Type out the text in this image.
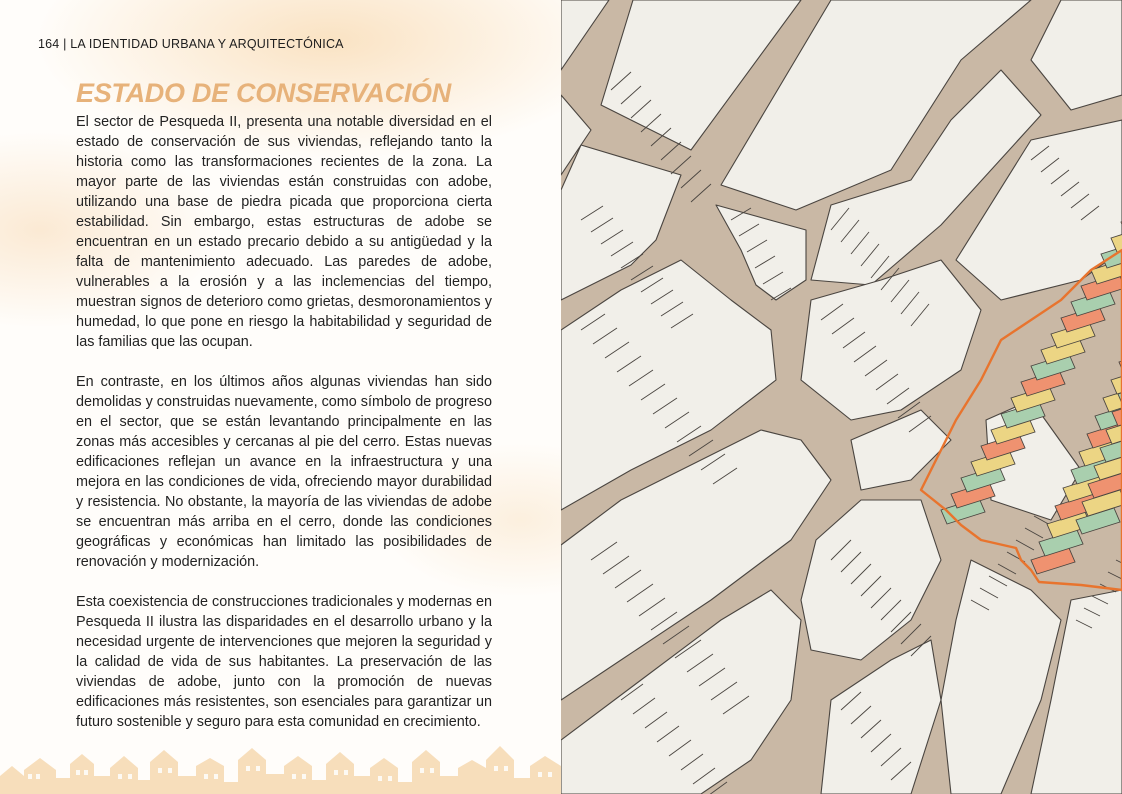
164 | LA IDENTIDAD URBANA Y ARQUITECTÓNICA
ESTADO DE CONSERVACIÓN

El sector de Pesqueda II, presenta una notable diversidad en el estado de conservación de sus viviendas, reflejando tanto la historia como las transformaciones recientes de la zona. La mayor parte de las viviendas están construidas con adobe, utilizando una base de piedra picada que proporciona cierta estabilidad. Sin embargo, estas estructuras de adobe se encuentran en un estado precario debido a su antigüedad y la falta de mantenimiento adecuado. Las paredes de adobe, vulnerables a la erosión y a las inclemencias del tiempo, muestran signos de deterioro como grietas, desmoronamientos y humedad, lo que pone en riesgo la habitabilidad y seguridad de las familias que las ocupan.

En contraste, en los últimos años algunas viviendas han sido demolidas y construidas nuevamente, como símbolo de progreso en el sector, que se están levantando principalmente en las zonas más accesibles y cercanas al pie del cerro. Estas nuevas edificaciones reflejan un avance en la infraestructura y una mejora en las condiciones de vida, ofreciendo mayor durabilidad y resistencia. No obstante, la mayoría de las viviendas de adobe se encuentran más arriba en el cerro, donde las condiciones geográficas y económicas han limitado las posibilidades de renovación y modernización.

Esta coexistencia de construcciones tradicionales y modernas en Pesqueda II ilustra las disparidades en el desarrollo urbano y la necesidad urgente de intervenciones que mejoren la seguridad y la calidad de vida de sus habitantes. La preservación de las viviendas de adobe, junto con la promoción de nuevas edificaciones más resistentes, son esenciales para garantizar un futuro sostenible y seguro para esta comunidad en crecimiento.
